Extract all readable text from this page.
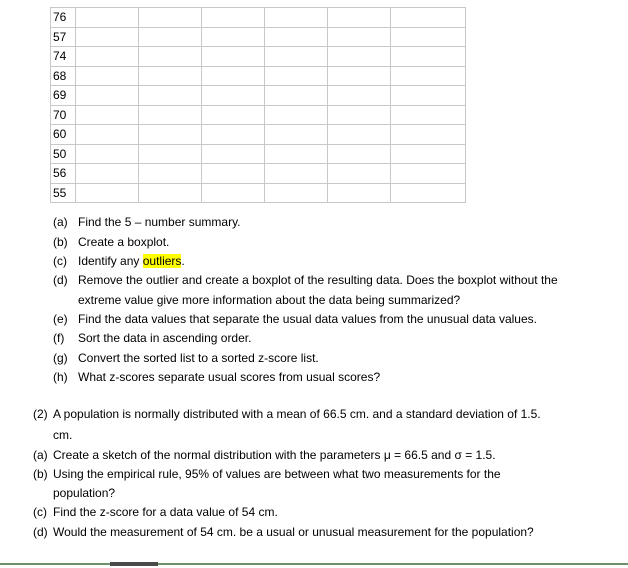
76						
57						
74						
68						
69						
70						
60						
50						
56						
55						
(a) Find the 5 – number summary.
(b) Create a boxplot.
(c) Identify any outliers.
(d) Remove the outlier and create a boxplot of the resulting data. Does the boxplot without the
extreme value give more information about the data being summarized?
(e) Find the data values that separate the usual data values from the unusual data values.
(f) Sort the data in ascending order.
(g) Convert the sorted list to a sorted z-score list.
(h) What z-scores separate usual scores from usual scores?
(2) A population is normally distributed with a mean of 66.5 cm. and a standard deviation of 1.5.
cm.
(a) Create a sketch of the normal distribution with the parameters μ = 66.5 and σ = 1.5.
(b) Using the empirical rule, 95% of values are between what two measurements for the
population?
(c) Find the z-score for a data value of 54 cm.
(d) Would the measurement of 54 cm. be a usual or unusual measurement for the population?
